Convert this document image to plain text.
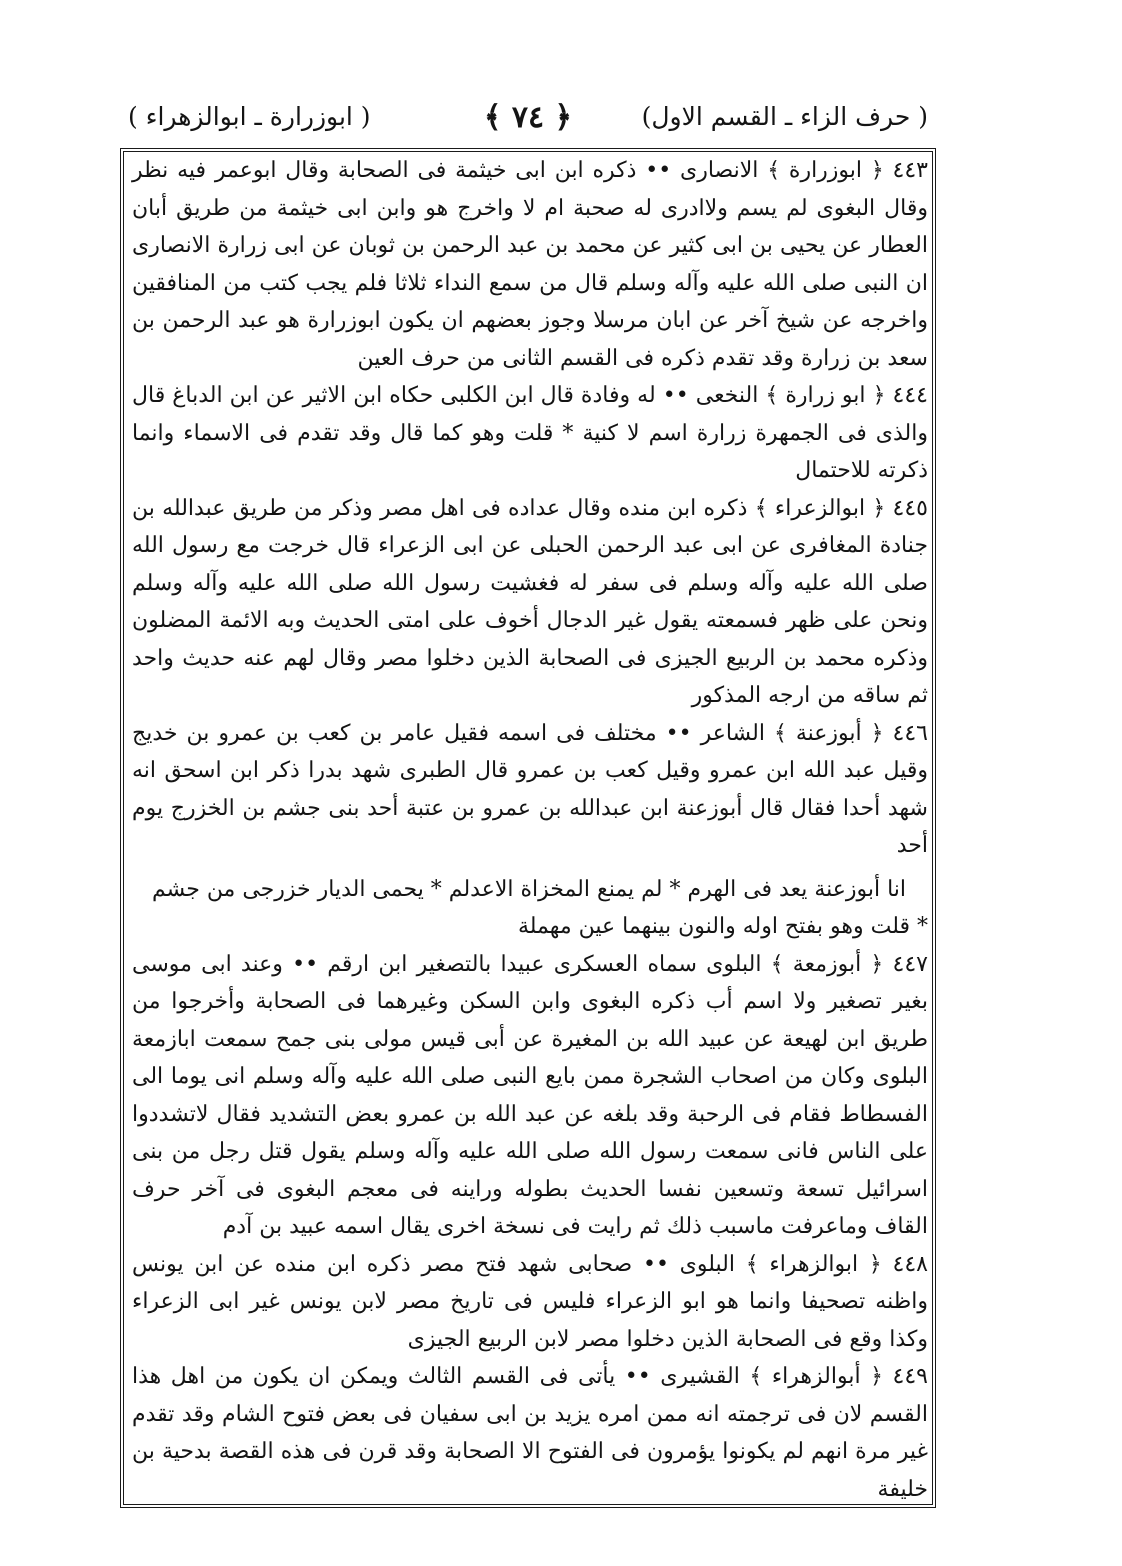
( حرف الزاء ـ القسم الاول)
﴿ ٧٤ ﴾
( ابوزرارة ـ ابوالزهراء )

٤٤٣ ﴿ ابوزرارة ﴾ الانصارى •• ذكره ابن ابى خيثمة فى الصحابة وقال ابوعمر فيه نظر وقال البغوى لم يسم ولاادرى له صحبة ام لا واخرج هو وابن ابى خيثمة من طريق أبان العطار عن يحيى بن ابى كثير عن محمد بن عبد الرحمن بن ثوبان عن ابى زرارة الانصارى ان النبى صلى الله عليه وآله وسلم قال من سمع النداء ثلاثا فلم يجب كتب من المنافقين واخرجه عن شيخ آخر عن ابان مرسلا وجوز بعضهم ان يكون ابوزرارة هو عبد الرحمن بن سعد بن زرارة وقد تقدم ذكره فى القسم الثانى من حرف العين

٤٤٤ ﴿ ابو زرارة ﴾ النخعى •• له وفادة قال ابن الكلبى حكاه ابن الاثير عن ابن الدباغ قال والذى فى الجمهرة زرارة اسم لا كنية * قلت وهو كما قال وقد تقدم فى الاسماء وانما ذكرته للاحتمال

٤٤٥ ﴿ ابوالزعراء ﴾ ذكره ابن منده وقال عداده فى اهل مصر وذكر من طريق عبدالله بن جنادة المغافرى عن ابى عبد الرحمن الحبلى عن ابى الزعراء قال خرجت مع رسول الله صلى الله عليه وآله وسلم فى سفر له فغشيت رسول الله صلى الله عليه وآله وسلم ونحن على ظهر فسمعته يقول غير الدجال أخوف على امتى الحديث وبه الائمة المضلون وذكره محمد بن الربيع الجيزى فى الصحابة الذين دخلوا مصر وقال لهم عنه حديث واحد ثم ساقه من ارجه المذكور

٤٤٦ ﴿ أبوزعنة ﴾ الشاعر •• مختلف فى اسمه فقيل عامر بن كعب بن عمرو بن خديج وقيل عبد الله ابن عمرو وقيل كعب بن عمرو قال الطبرى شهد بدرا ذكر ابن اسحق انه شهد أحدا فقال قال أبوزعنة ابن عبدالله بن عمرو بن عتبة أحد بنى جشم بن الخزرج يوم أحد

انا أبوزعنة يعد فى الهرم * لم يمنع المخزاة الاعدلم * يحمى الديار خزرجى من جشم

* قلت وهو بفتح اوله والنون بينهما عين مهملة

٤٤٧ ﴿ أبوزمعة ﴾ البلوى سماه العسكرى عبيدا بالتصغير ابن ارقم •• وعند ابى موسى بغير تصغير ولا اسم أب ذكره البغوى وابن السكن وغيرهما فى الصحابة وأخرجوا من طريق ابن لهيعة عن عبيد الله بن المغيرة عن أبى قيس مولى بنى جمح سمعت ابازمعة البلوى وكان من اصحاب الشجرة ممن بايع النبى صلى الله عليه وآله وسلم انى يوما الى الفسطاط فقام فى الرحبة وقد بلغه عن عبد الله بن عمرو بعض التشديد فقال لاتشددوا على الناس فانى سمعت رسول الله صلى الله عليه وآله وسلم يقول قتل رجل من بنى اسرائيل تسعة وتسعين نفسا الحديث بطوله وراينه فى معجم البغوى فى آخر حرف القاف وماعرفت ماسبب ذلك ثم رايت فى نسخة اخرى يقال اسمه عبيد بن آدم

٤٤٨ ﴿ ابوالزهراء ﴾ البلوى •• صحابى شهد فتح مصر ذكره ابن منده عن ابن يونس واظنه تصحيفا وانما هو ابو الزعراء فليس فى تاريخ مصر لابن يونس غير ابى الزعراء وكذا وقع فى الصحابة الذين دخلوا مصر لابن الربيع الجيزى

٤٤٩ ﴿ أبوالزهراء ﴾ القشيرى •• يأتى فى القسم الثالث ويمكن ان يكون من اهل هذا القسم لان فى ترجمته انه ممن امره يزيد بن ابى سفيان فى بعض فتوح الشام وقد تقدم غير مرة انهم لم يكونوا يؤمرون فى الفتوح الا الصحابة وقد قرن فى هذه القصة بدحية بن خليفة
